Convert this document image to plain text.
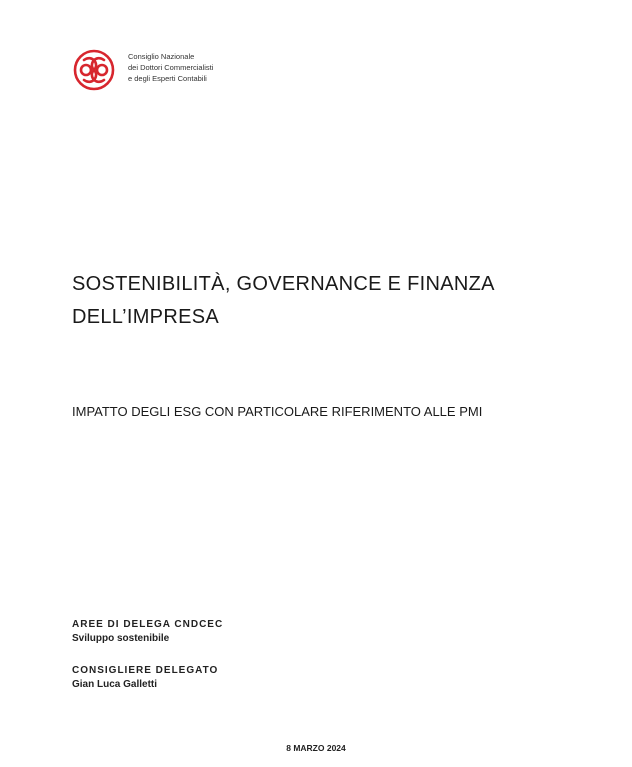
Consiglio Nazionale
dei Dottori Commercialisti
e degli Esperti Contabili
SOSTENIBILITÀ, GOVERNANCE E FINANZA
DELL’IMPRESA
IMPATTO DEGLI ESG CON PARTICOLARE RIFERIMENTO ALLE PMI
AREE DI DELEGA CNDCEC
Sviluppo sostenibile
CONSIGLIERE DELEGATO
Gian Luca Galletti
8 MARZO 2024
